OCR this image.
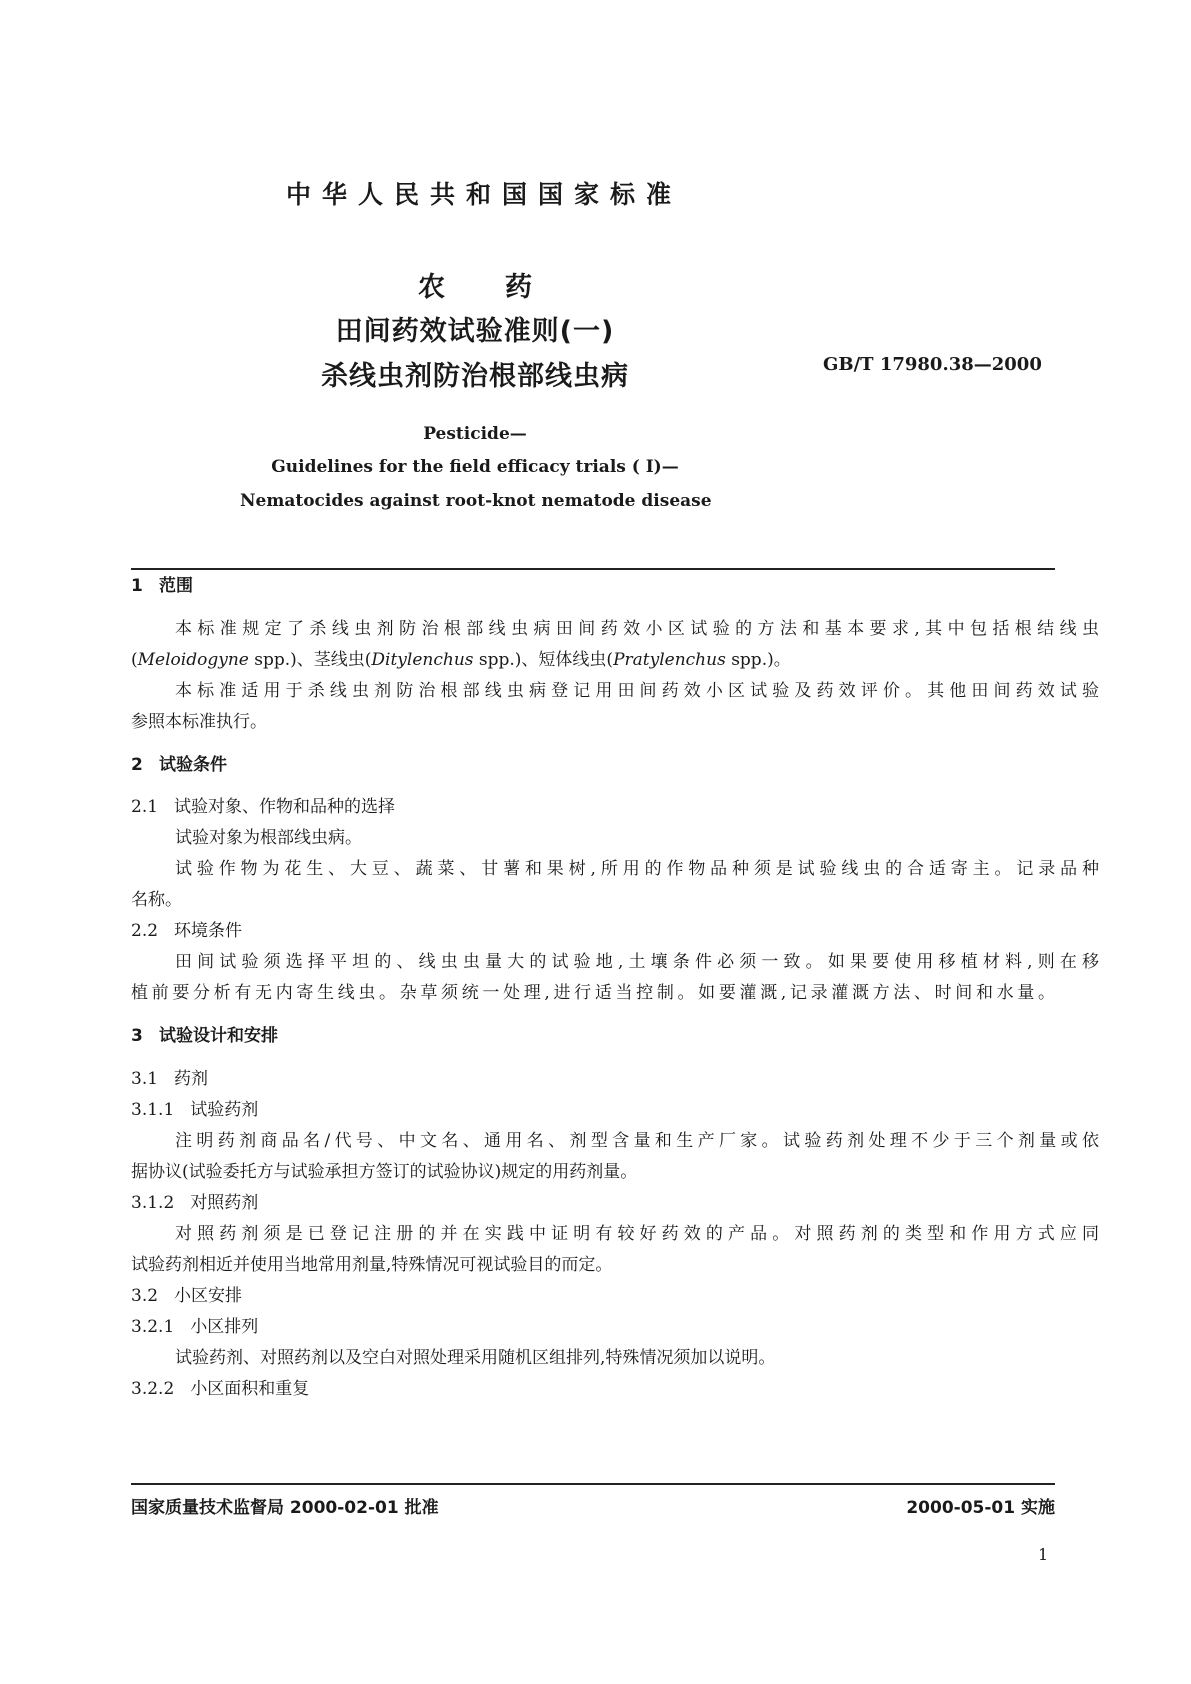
中华人民共和国国家标准
农药
田间药效试验准则(一)
杀线虫剂防治根部线虫病	GB/T 17980.38—2000
Pesticide—
Guidelines for the field efficacy trials ( Ⅰ)—
Nematocides against root-knot nematode disease
1 范围
本标准规定了杀线虫剂防治根部线虫病田间药效小区试验的方法和基本要求,其中包括根结线虫
(Meloidogyne spp.)、茎线虫(Ditylenchus spp.)、短体线虫(Pratylenchus spp.)。
本标准适用于杀线虫剂防治根部线虫病登记用田间药效小区试验及药效评价。其他田间药效试验
参照本标准执行。
2 试验条件
2.1 试验对象、作物和品种的选择
试验对象为根部线虫病。
试验作物为花生、大豆、蔬菜、甘薯和果树,所用的作物品种须是试验线虫的合适寄主。记录品种
名称。
2.2 环境条件
田间试验须选择平坦的、线虫虫量大的试验地,土壤条件必须一致。如果要使用移植材料,则在移
植前要分析有无内寄生线虫。杂草须统一处理,进行适当控制。如要灌溉,记录灌溉方法、时间和水量。
3 试验设计和安排
3.1 药剂
3.1.1 试验药剂
注明药剂商品名/代号、中文名、通用名、剂型含量和生产厂家。试验药剂处理不少于三个剂量或依
据协议(试验委托方与试验承担方签订的试验协议)规定的用药剂量。
3.1.2 对照药剂
对照药剂须是已登记注册的并在实践中证明有较好药效的产品。对照药剂的类型和作用方式应同
试验药剂相近并使用当地常用剂量,特殊情况可视试验目的而定。
3.2 小区安排
3.2.1 小区排列
试验药剂、对照药剂以及空白对照处理采用随机区组排列,特殊情况须加以说明。
3.2.2 小区面积和重复
国家质量技术监督局 2000-02-01 批准	2000-05-01 实施
1
